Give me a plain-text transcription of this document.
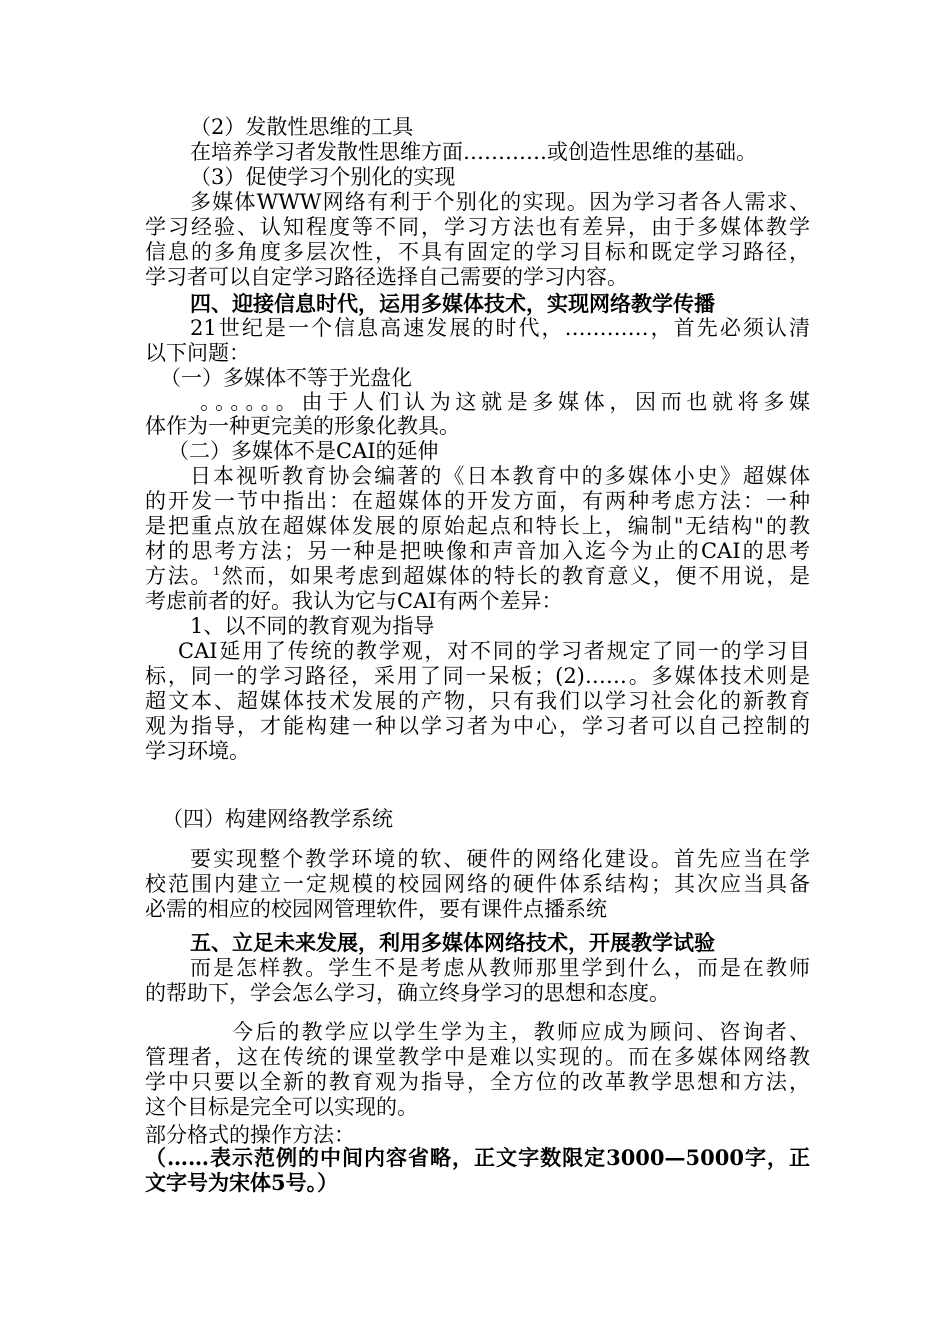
（2）发散性思维的工具
在培养学习者发散性思维方面…………或创造性思维的基础。
（3）促使学习个别化的实现
多媒体WWW网络有利于个别化的实现。因为学习者各人需求、
学习经验、认知程度等不同，学习方法也有差异，由于多媒体教学
信息的多角度多层次性，不具有固定的学习目标和既定学习路径，
学习者可以自定学习路径选择自己需要的学习内容。
四、迎接信息时代，运用多媒体技术，实现网络教学传播
21世纪是一个信息高速发展的时代，…………，首先必须认清
以下问题：
（一）多媒体不等于光盘化
。。。。。。由于人们认为这就是多媒体，因而也就将多媒
体作为一种更完美的形象化教具。
（二）多媒体不是CAI的延伸
日本视听教育协会编著的《日本教育中的多媒体小史》超媒体
的开发一节中指出：在超媒体的开发方面，有两种考虑方法：一种
是把重点放在超媒体发展的原始起点和特长上，编制"无结构"的教
材的思考方法；另一种是把映像和声音加入迄今为止的CAI的思考
方法。$^1$然而，如果考虑到超媒体的特长的教育意义，便不用说，是
考虑前者的好。我认为它与CAI有两个差异：
1、以不同的教育观为指导
CAI延用了传统的教学观，对不同的学习者规定了同一的学习目
标，同一的学习路径，采用了同一呆板；(2)……。多媒体技术则是
超文本、超媒体技术发展的产物，只有我们以学习社会化的新教育
观为指导，才能构建一种以学习者为中心，学习者可以自己控制的
学习环境。
（四）构建网络教学系统
要实现整个教学环境的软、硬件的网络化建设。首先应当在学
校范围内建立一定规模的校园网络的硬件体系结构；其次应当具备
必需的相应的校园网管理软件，要有课件点播系统
五、立足未来发展，利用多媒体网络技术，开展教学试验
而是怎样教。学生不是考虑从教师那里学到什么，而是在教师
的帮助下，学会怎么学习，确立终身学习的思想和态度。
今后的教学应以学生学为主，教师应成为顾问、咨询者、
管理者，这在传统的课堂教学中是难以实现的。而在多媒体网络教
学中只要以全新的教育观为指导，全方位的改革教学思想和方法，
这个目标是完全可以实现的。
部分格式的操作方法：
（……表示范例的中间内容省略，正文字数限定3000—5000字，正
文字号为宋体5号。）
